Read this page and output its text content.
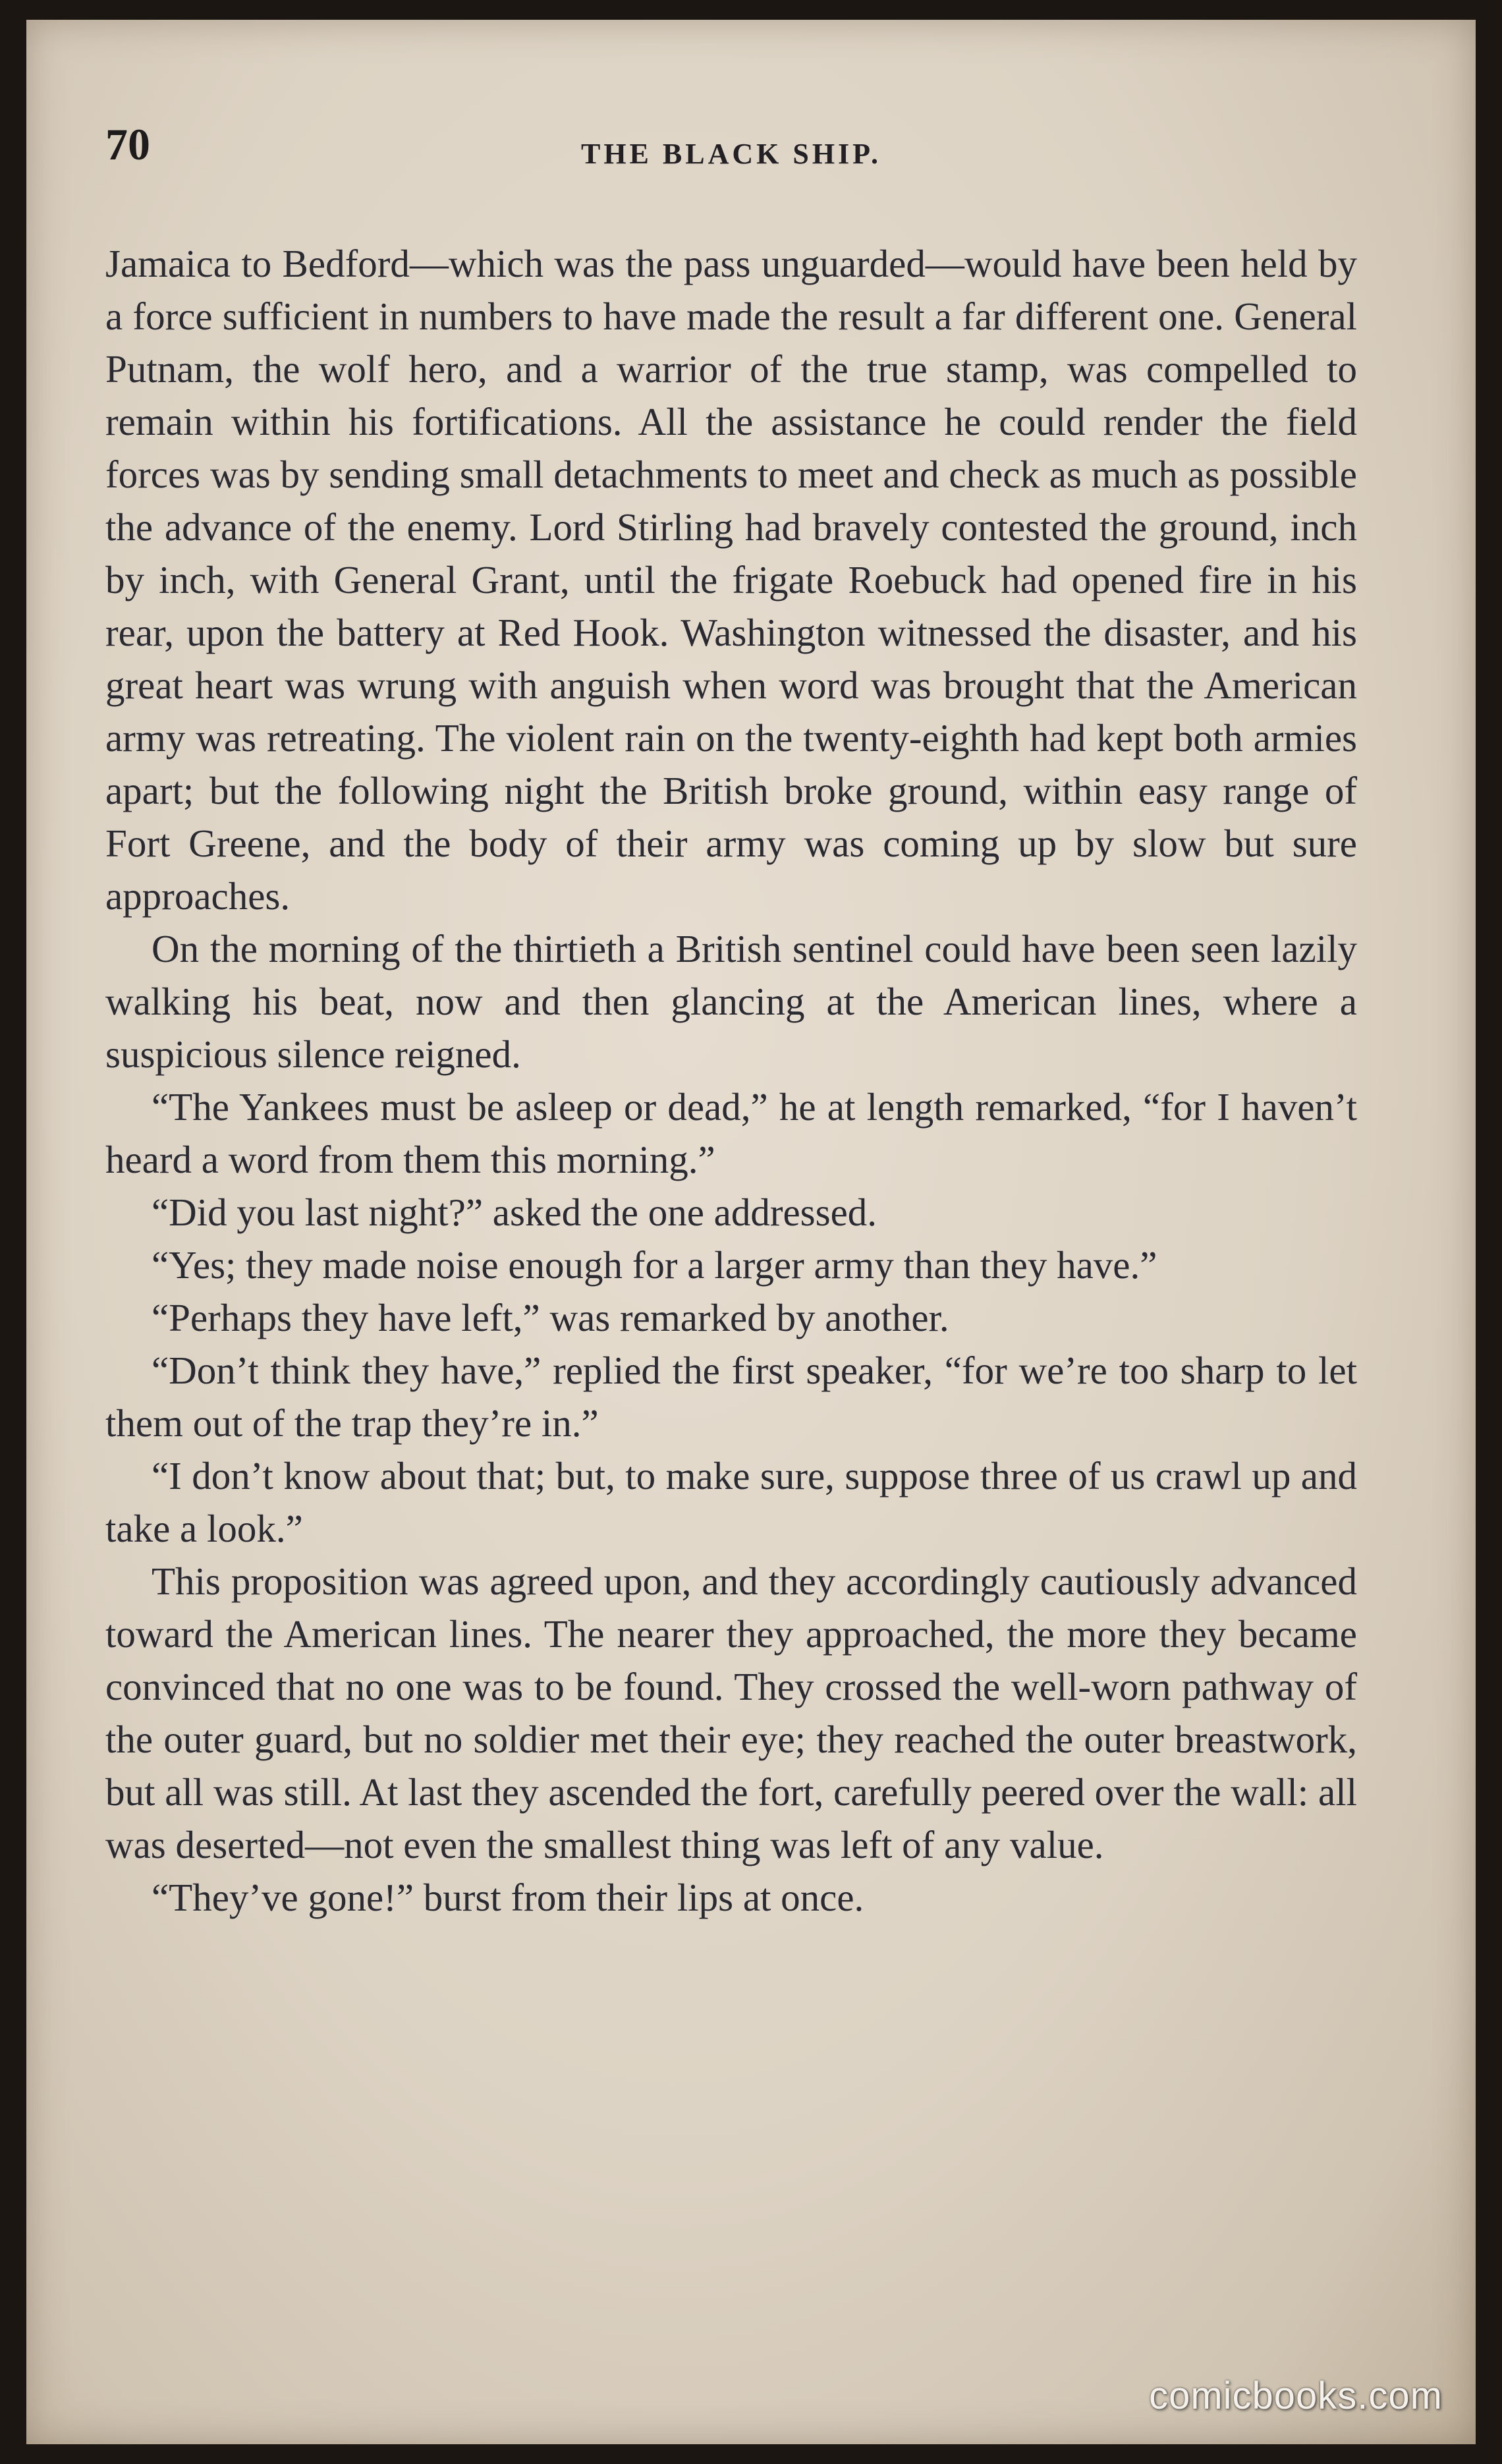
70	THE BLACK SHIP.

Jamaica to Bedford—which was the pass unguarded—would have been held by a force sufficient in numbers to have made the result a far different one. General Putnam, the wolf hero, and a warrior of the true stamp, was compelled to remain within his fortifications. All the assistance he could render the field forces was by sending small detachments to meet and check as much as possible the advance of the enemy. Lord Stirling had bravely contested the ground, inch by inch, with General Grant, until the frigate Roebuck had opened fire in his rear, upon the battery at Red Hook. Washington witnessed the disaster, and his great heart was wrung with anguish when word was brought that the American army was retreating. The violent rain on the twenty-eighth had kept both armies apart; but the following night the British broke ground, within easy range of Fort Greene, and the body of their army was coming up by slow but sure approaches.

On the morning of the thirtieth a British sentinel could have been seen lazily walking his beat, now and then glancing at the American lines, where a suspicious silence reigned.

“The Yankees must be asleep or dead,” he at length remarked, “for I haven’t heard a word from them this morning.”

“Did you last night?” asked the one addressed.

“Yes; they made noise enough for a larger army than they have.”

“Perhaps they have left,” was remarked by another.

“Don’t think they have,” replied the first speaker, “for we’re too sharp to let them out of the trap they’re in.”

“I don’t know about that; but, to make sure, suppose three of us crawl up and take a look.”

This proposition was agreed upon, and they accordingly cautiously advanced toward the American lines. The nearer they approached, the more they became convinced that no one was to be found. They crossed the well-worn pathway of the outer guard, but no soldier met their eye; they reached the outer breastwork, but all was still. At last they ascended the fort, carefully peered over the wall: all was deserted—not even the smallest thing was left of any value.

“They’ve gone!” burst from their lips at once.

comicbooks.com
